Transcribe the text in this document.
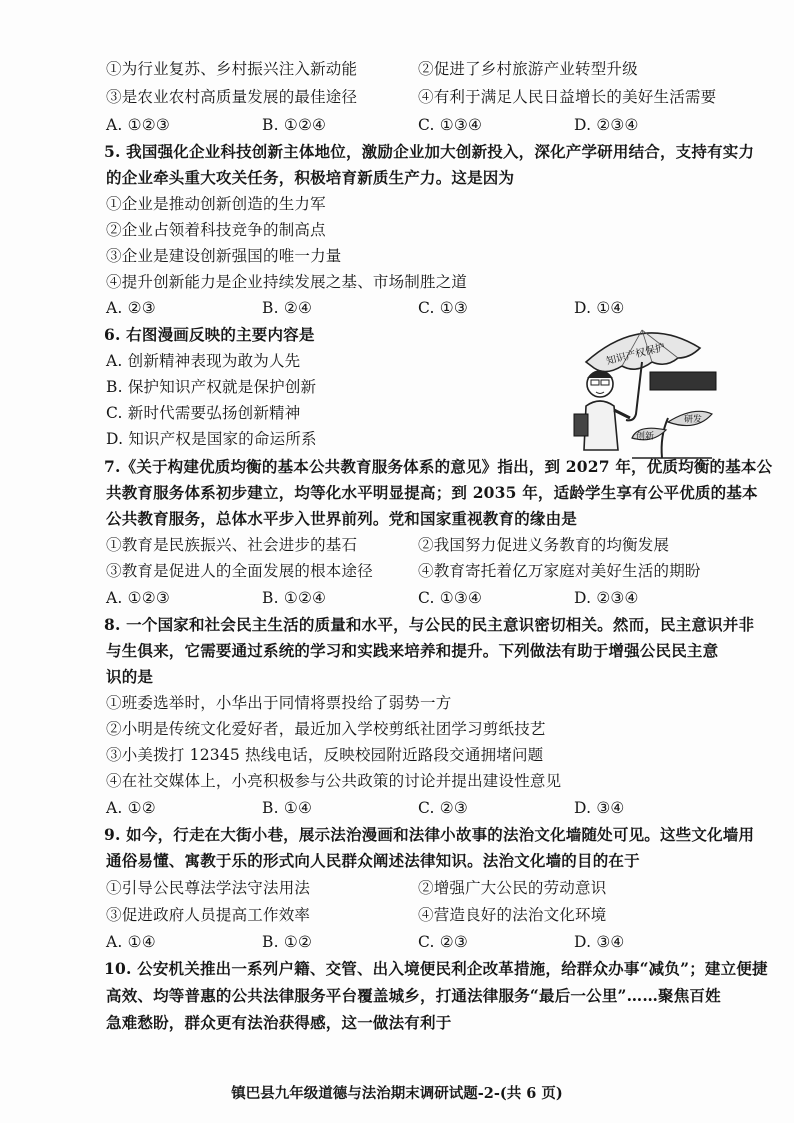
①为行业复苏、乡村振兴注入新动能	②促进了乡村旅游产业转型升级
③是农业农村高质量发展的最佳途径	④有利于满足人民日益增长的美好生活需要
A. ①②③	B. ①②④	C. ①③④	D. ②③④
5. 我国强化企业科技创新主体地位，激励企业加大创新投入，深化产学研用结合，支持有实力
的企业牵头重大攻关任务，积极培育新质生产力。这是因为
①企业是推动创新创造的生力军
②企业占领着科技竞争的制高点
③企业是建设创新强国的唯一力量
④提升创新能力是企业持续发展之基、市场制胜之道
A. ②③	B. ②④	C. ①③	D. ①④
6. 右图漫画反映的主要内容是
A. 创新精神表现为敢为人先
B. 保护知识产权就是保护创新
C. 新时代需要弘扬创新精神
D. 知识产权是国家的命运所系
知识产权保护
创新
研发
7.《关于构建优质均衡的基本公共教育服务体系的意见》指出，到 2027 年，优质均衡的基本公
共教育服务体系初步建立，均等化水平明显提高；到 2035 年，适龄学生享有公平优质的基本
公共教育服务，总体水平步入世界前列。党和国家重视教育的缘由是
①教育是民族振兴、社会进步的基石	②我国努力促进义务教育的均衡发展
③教育是促进人的全面发展的根本途径	④教育寄托着亿万家庭对美好生活的期盼
A. ①②③	B. ①②④	C. ①③④	D. ②③④
8. 一个国家和社会民主生活的质量和水平，与公民的民主意识密切相关。然而，民主意识并非
与生俱来，它需要通过系统的学习和实践来培养和提升。下列做法有助于增强公民民主意
识的是
①班委选举时，小华出于同情将票投给了弱势一方
②小明是传统文化爱好者，最近加入学校剪纸社团学习剪纸技艺
③小美拨打 12345 热线电话，反映校园附近路段交通拥堵问题
④在社交媒体上，小亮积极参与公共政策的讨论并提出建设性意见
A. ①②	B. ①④	C. ②③	D. ③④
9. 如今，行走在大街小巷，展示法治漫画和法律小故事的法治文化墙随处可见。这些文化墙用
通俗易懂、寓教于乐的形式向人民群众阐述法律知识。法治文化墙的目的在于
①引导公民尊法学法守法用法	②增强广大公民的劳动意识
③促进政府人员提高工作效率	④营造良好的法治文化环境
A. ①④	B. ①②	C. ②③	D. ③④
10. 公安机关推出一系列户籍、交管、出入境便民利企改革措施，给群众办事“减负”；建立便捷
高效、均等普惠的公共法律服务平台覆盖城乡，打通法律服务“最后一公里”……聚焦百姓
急难愁盼，群众更有法治获得感，这一做法有利于
镇巴县九年级道德与法治期末调研试题-2-(共 6 页)
